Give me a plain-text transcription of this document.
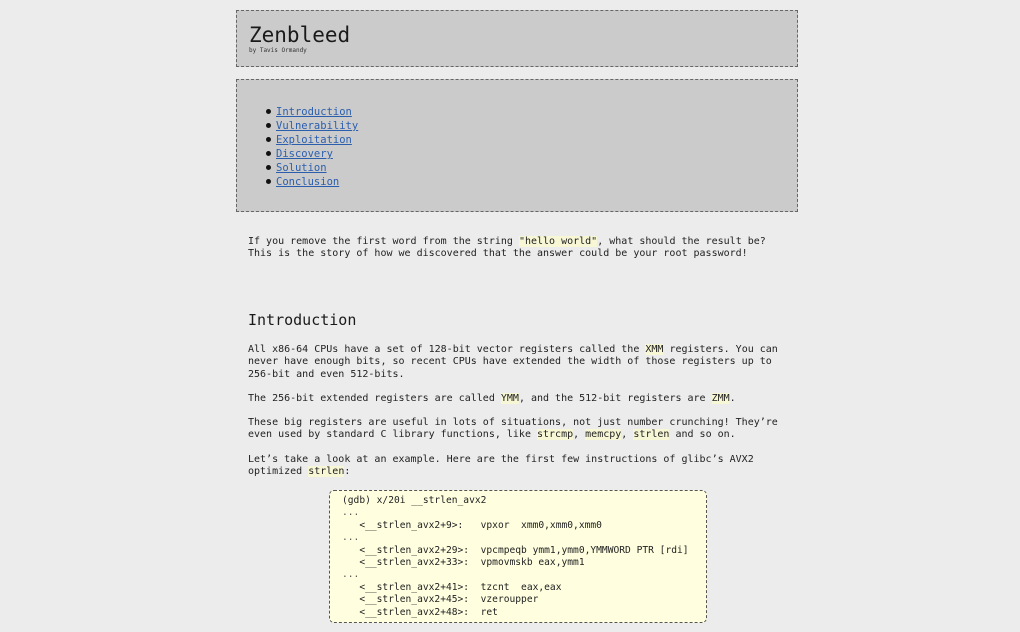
Zenbleed
by Tavis Ormandy
Introduction
Vulnerability
Exploitation
Discovery
Solution
Conclusion

If you remove the first word from the string "hello world", what should the result be? This is the story of how we discovered that the answer could be your root password!

Introduction

All x86-64 CPUs have a set of 128-bit vector registers called the XMM registers. You can never have enough bits, so recent CPUs have extended the width of those registers up to 256-bit and even 512-bits.

The 256-bit extended registers are called YMM, and the 512-bit registers are ZMM.

These big registers are useful in lots of situations, not just number crunching! They’re even used by standard C library functions, like strcmp, memcpy, strlen and so on.

Let’s take a look at an example. Here are the first few instructions of glibc’s AVX2 optimized strlen:

(gdb) x/20i __strlen_avx2
...
<__strlen_avx2+9>:   vpxor  xmm0,xmm0,xmm0
...
<__strlen_avx2+29>:  vpcmpeqb ymm1,ymm0,YMMWORD PTR [rdi]
<__strlen_avx2+33>:  vpmovmskb eax,ymm1
...
<__strlen_avx2+41>:  tzcnt  eax,eax
<__strlen_avx2+45>:  vzeroupper
<__strlen_avx2+48>:  ret
